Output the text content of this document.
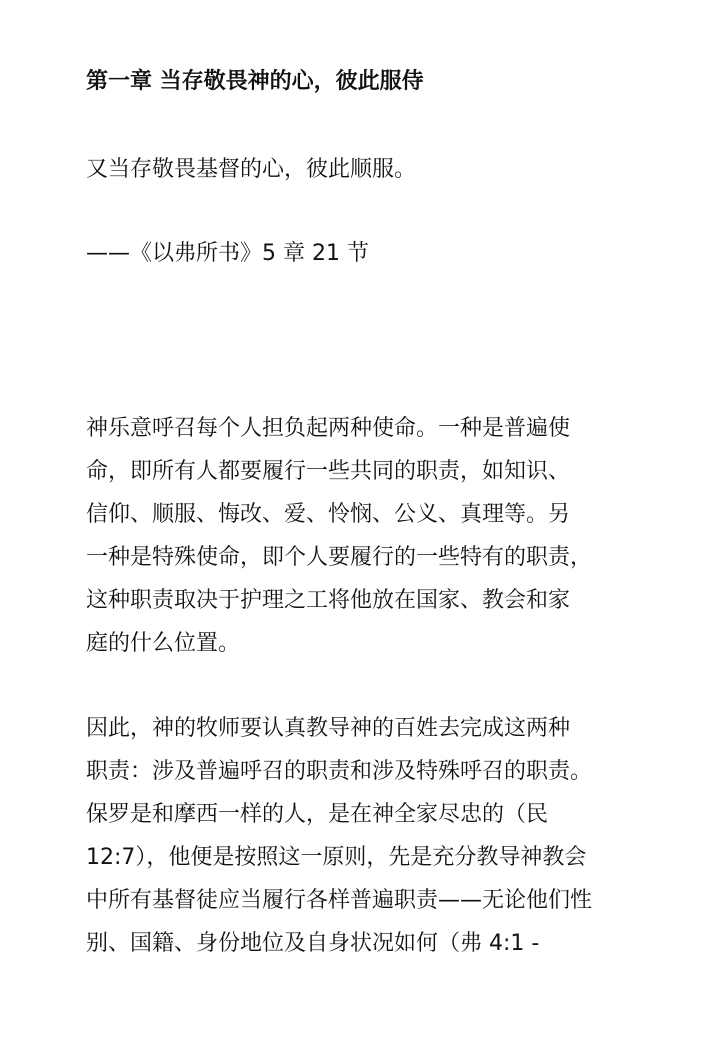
第一章 当存敬畏神的心，彼此服侍

又当存敬畏基督的心，彼此顺服。

——《以弗所书》5 章 21 节

神乐意呼召每个人担负起两种使命。一种是普遍使
命，即所有人都要履行一些共同的职责，如知识、
信仰、顺服、悔改、爱、怜悯、公义、真理等。另
一种是特殊使命，即个人要履行的一些特有的职责，
这种职责取决于护理之工将他放在国家、教会和家
庭的什么位置。

因此，神的牧师要认真教导神的百姓去完成这两种
职责：涉及普遍呼召的职责和涉及特殊呼召的职责。
保罗是和摩西一样的人，是在神全家尽忠的（民
12:7），他便是按照这一原则，先是充分教导神教会
中所有基督徒应当履行各样普遍职责——无论他们性
别、国籍、身份地位及自身状况如何（弗 4:1 -
